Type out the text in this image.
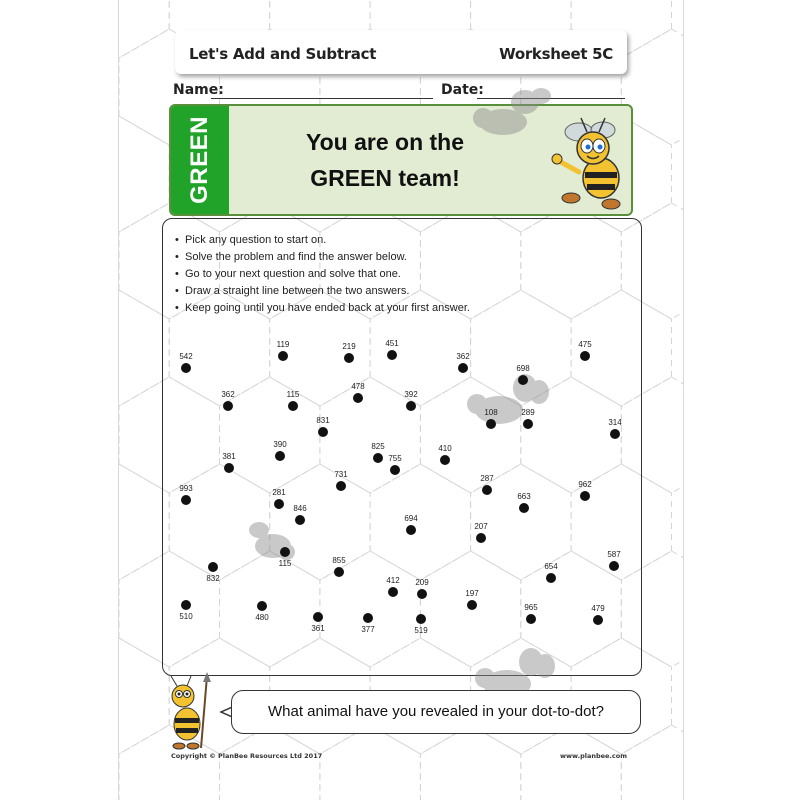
Let's Add and Subtract	Worksheet 5C
Name:	Date:
GREEN	You are on the
GREEN team!
• Pick any question to start on.
• Solve the problem and find the answer below.
• Go to your next question and solve that one.
• Draw a straight line between the two answers.
• Keep going until you have ended back at your first answer.
542
119	219	451
362
698
475
362	115
478
392
108	289
831	314
381
390	825
755
410
993
731	287
962
281
846
663
694
207
115	855
587
832
654
412 209
510	480
361	377	519
197
965	479
What animal have you revealed in your dot-to-dot?
Copyright © PlanBee Resources Ltd 2017	www.planbee.com
